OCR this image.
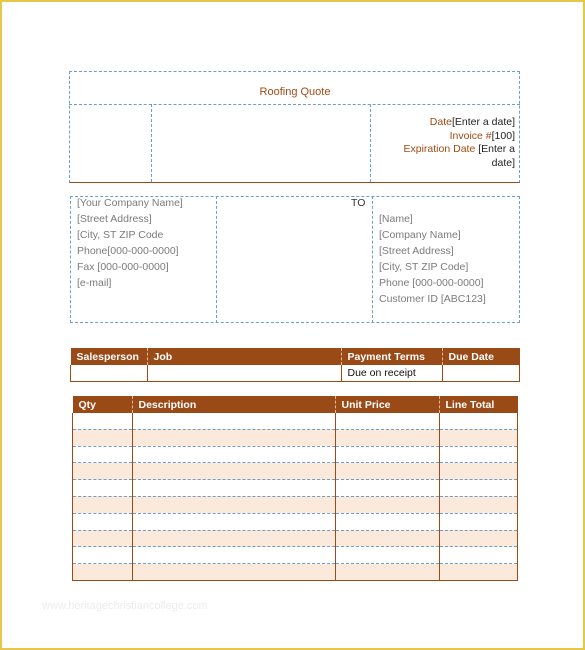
Roofing Quote
Date[Enter a date]
Invoice #[100]
Expiration Date [Enter a
date]
[Your Company Name]
[Street Address]
[City, ST ZIP Code
Phone[000-000-0000]
Fax [000-000-0000]
[e-mail]
TO
[Name]
[Company Name]
[Street Address]
[City, ST ZIP Code]
Phone [000-000-0000]
Customer ID [ABC123]
Salesperson	Job	Payment Terms	Due Date
		Due on receipt	
Qty	Description	Unit Price	Line Total

www.heritagechristiancollege.com
